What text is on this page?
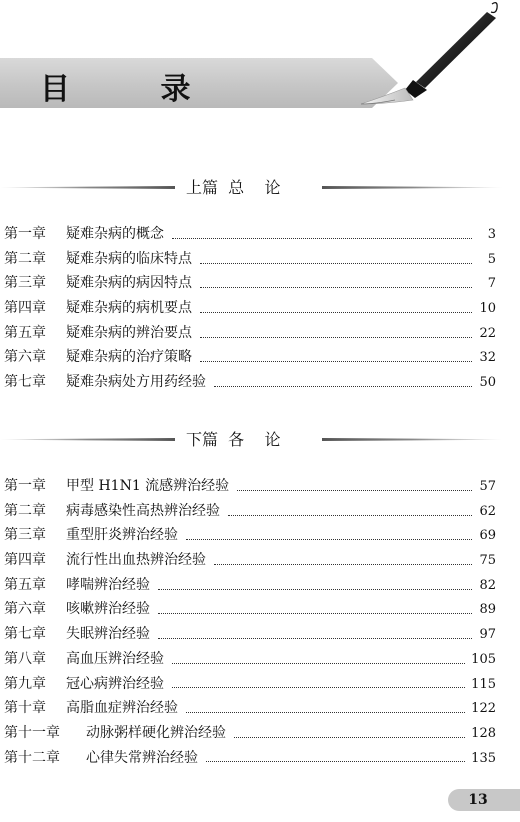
目 录
上篇  总    论
第一章	疑难杂病的概念	3
第二章	疑难杂病的临床特点	5
第三章	疑难杂病的病因特点	7
第四章	疑难杂病的病机要点	10
第五章	疑难杂病的辨治要点	22
第六章	疑难杂病的治疗策略	32
第七章	疑难杂病处方用药经验	50
下篇  各    论
第一章	甲型 H1N1 流感辨治经验	57
第二章	病毒感染性高热辨治经验	62
第三章	重型肝炎辨治经验	69
第四章	流行性出血热辨治经验	75
第五章	哮喘辨治经验	82
第六章	咳嗽辨治经验	89
第七章	失眠辨治经验	97
第八章	高血压辨治经验	105
第九章	冠心病辨治经验	115
第十章	高脂血症辨治经验	122
第十一章	动脉粥样硬化辨治经验	128
第十二章	心律失常辨治经验	135
13
